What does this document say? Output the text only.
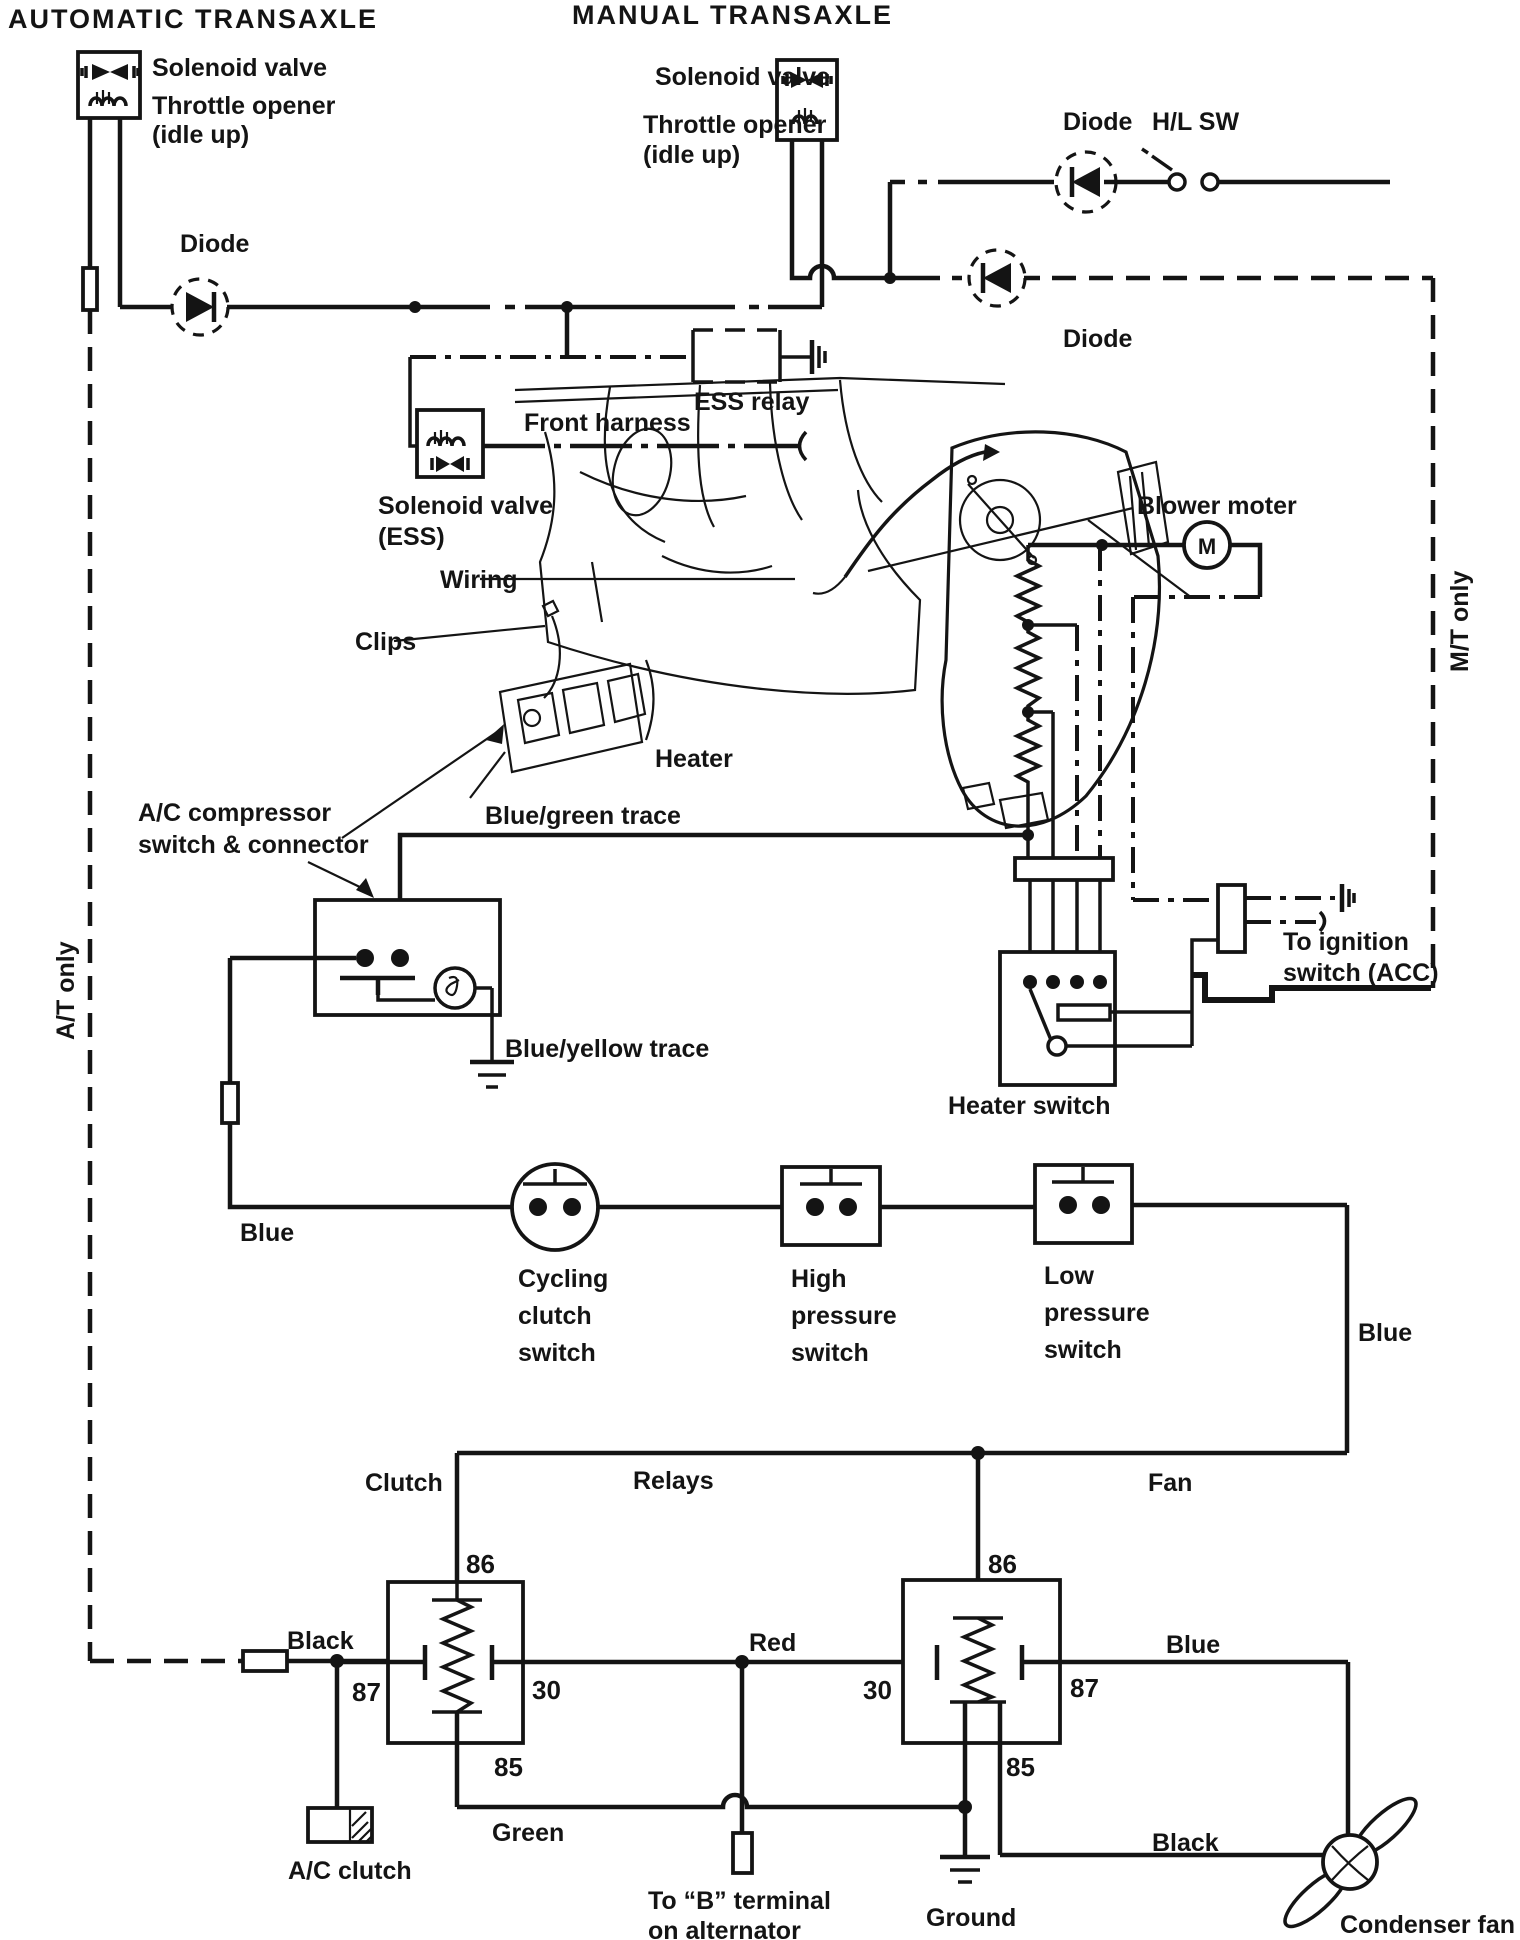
AUTOMATIC TRANSAXLE	MANUAL TRANSAXLE
Solenoid valve
Throttle opener
(idle up)
A/T only
Diode
Solenoid valve
Throttle opener
(idle up)
M/T only
Diode H/L SW
Diode
ESS relay
Front harness
Solenoid valve
(ESS)
Wiring
Clips
Blower moter
Heater
M
A/C compressor
switch & connector
Blue/green trace
Blue/yellow trace
Heater switch
To ignition
switch (ACC)
Blue
Cycling
clutch
switch
High
pressure
switch
Low
pressure
switch
Blue
Clutch	Relays	Fan
86
87	30
85
Black
A/C clutch
Red
To “B” terminal
on alternator
Green
86
30	87
85
Ground
Blue
Black
Condenser fan
